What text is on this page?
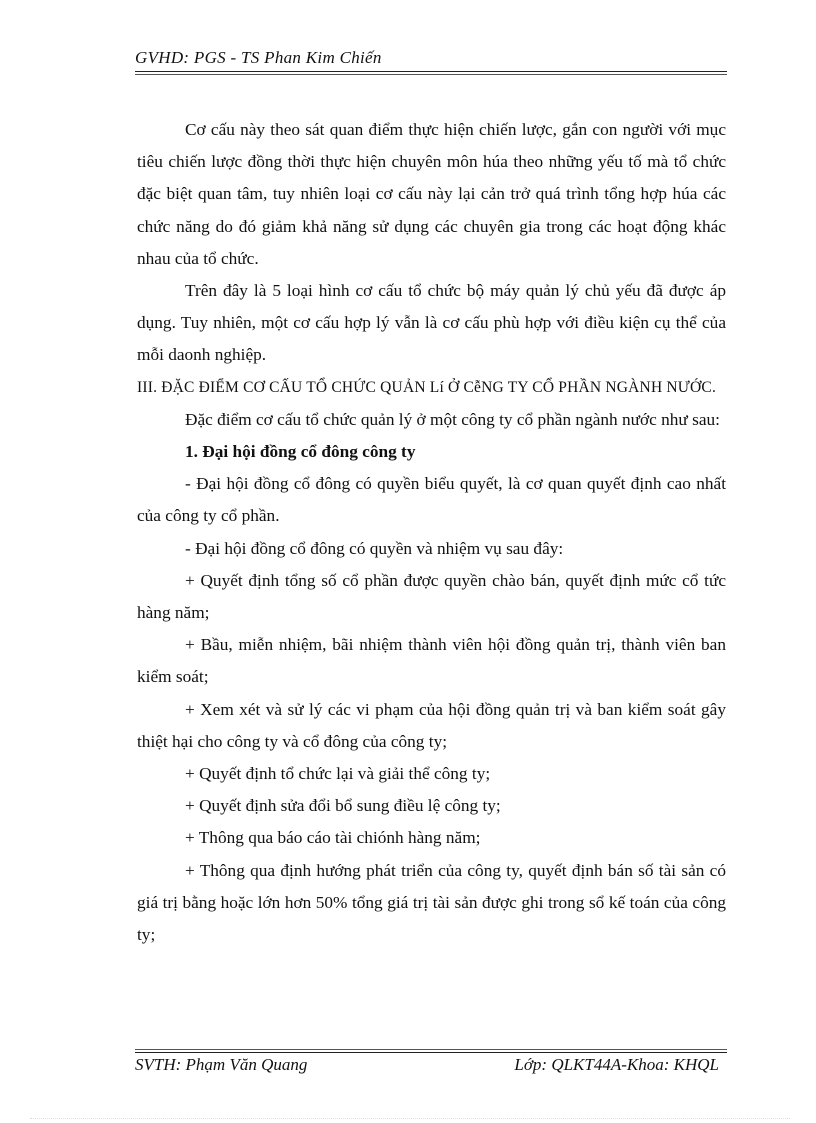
GVHD: PGS - TS Phan Kim Chiến

Cơ cấu này theo sát quan điểm thực hiện chiến lược, gắn con người với mục tiêu chiến lược đồng thời thực hiện chuyên môn húa theo những yếu tố mà tổ chức đặc biệt quan tâm, tuy nhiên loại cơ cấu này lại cản trở quá trình tổng hợp húa các chức năng do đó giảm khả năng sử dụng các chuyên gia trong các hoạt động khác nhau của tổ chức.

Trên đây là 5 loại hình cơ cấu tổ chức bộ máy quản lý chủ yếu đã được áp dụng. Tuy nhiên, một cơ cấu hợp lý vẫn là cơ cấu phù hợp với điều kiện cụ thể của mỗi daonh nghiệp.

III. ĐẶC ĐIỂM CƠ CẤU TỔ CHỨC QUẢN Lí Ở CễNG TY CỔ PHẦN NGÀNH NƯỚC.

Đặc điểm cơ cấu tổ chức quản lý ở một công ty cổ phần ngành nước như sau:

1. Đại hội đồng cổ đông công ty

- Đại hội đồng cổ đông có quyền biểu quyết, là cơ quan quyết định cao nhất của công ty cổ phần.

- Đại hội đồng cổ đông có quyền và nhiệm vụ sau đây:

+ Quyết định tổng số cổ phần được quyền chào bán, quyết định mức cổ tức hàng năm;

+ Bầu, miễn nhiệm, bãi nhiệm thành viên hội đồng quản trị, thành viên ban kiểm soát;

+ Xem xét và sử lý các vi phạm của hội đồng quản trị và ban kiểm soát gây thiệt hại cho công ty và cổ đông của công ty;

+ Quyết định tổ chức lại và giải thể công ty;

+ Quyết định sửa đổi bổ sung điều lệ công ty;

+ Thông qua báo cáo tài chiónh hàng năm;

+ Thông qua định hướng phát triển của công ty, quyết định bán số tài sản có giá trị bằng hoặc lớn hơn 50% tổng giá trị tài sản được ghi trong sổ kế toán của công ty;

SVTH: Phạm Văn Quang	Lớp: QLKT44A-Khoa: KHQL
